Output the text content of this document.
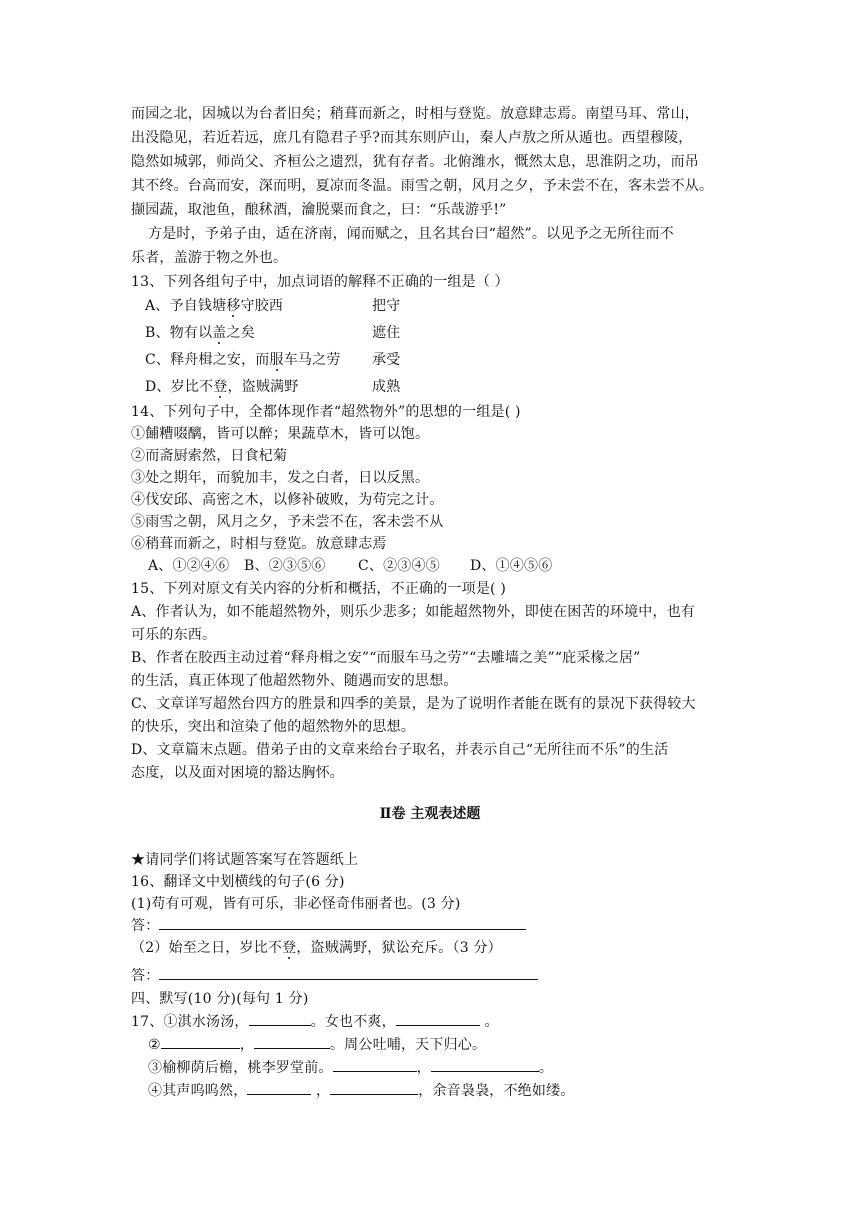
而园之北，因城以为台者旧矣；稍葺而新之，时相与登览。放意肆志焉。南望马耳、常山，
出没隐见，若近若远，庶几有隐君子乎?而其东则庐山，秦人卢敖之所从遁也。西望穆陵，
隐然如城郭，师尚父、齐桓公之遗烈，犹有存者。北俯潍水，慨然太息，思淮阴之功，而吊
其不终。台高而安，深而明，夏凉而冬温。雨雪之朝，风月之夕，予未尝不在，客未尝不从。
撷园蔬，取池鱼，酿秫酒，瀹脱粟而食之，曰：“乐哉游乎!”
方是时，予弟子由，适在济南，闻而赋之，且名其台曰“超然”。以见予之无所往而不
乐者，盖游于物之外也。
13、下列各组句子中，加点词语的解释不正确的一组是（ ）
A、予自钱塘移守胶西	把守
B、物有以盖之矣	遮住
C、释舟楫之安，而服车马之劳 承受
D、岁比不登，盗贼满野	成熟
14、下列句子中，全都体现作者“超然物外”的思想的一组是( )
①餔糟啜醨，皆可以醉；果蔬草木，皆可以饱。
②而斋厨索然，日食杞菊
③处之期年，而貌加丰，发之白者，日以反黑。
④伐安邱、高密之木，以修补破败，为苟完之计。
⑤雨雪之朝，风月之夕，予未尝不在，客未尝不从
⑥稍葺而新之，时相与登览。放意肆志焉
A、①②④⑥ B、②③⑤⑥ C、②③④⑤ D、①④⑤⑥
15、下列对原文有关内容的分析和概括，不正确的一项是( )
A、作者认为，如不能超然物外，则乐少悲多；如能超然物外，即使在困苦的环境中，也有
可乐的东西。
B、作者在胶西主动过着“释舟楫之安”“而服车马之劳”“去雕墙之美”“庇采椽之居”
的生活，真正体现了他超然物外、随遇而安的思想。
C、文章详写超然台四方的胜景和四季的美景，是为了说明作者能在既有的景况下获得较大
的快乐，突出和渲染了他的超然物外的思想。
D、文章篇末点题。借弟子由的文章来给台子取名，并表示自己“无所往而不乐”的生活
态度，以及面对困境的豁达胸怀。
Ⅱ卷 主观表述题
★请同学们将试题答案写在答题纸上
16、翻译文中划横线的句子(6 分)
(1)苟有可观，皆有可乐，非必怪奇伟丽者也。(3 分)
答：
（2）始至之日，岁比不登，盗贼满野，狱讼充斥。（3 分）
答：
四、默写(10 分)(每句 1 分)
17、①淇水汤汤，	。女也不爽，	。
②	，	。周公吐哺，天下归心。
③榆柳荫后檐，桃李罗堂前。	，	。
④其声呜呜然，	，	，余音袅袅，不绝如缕。
